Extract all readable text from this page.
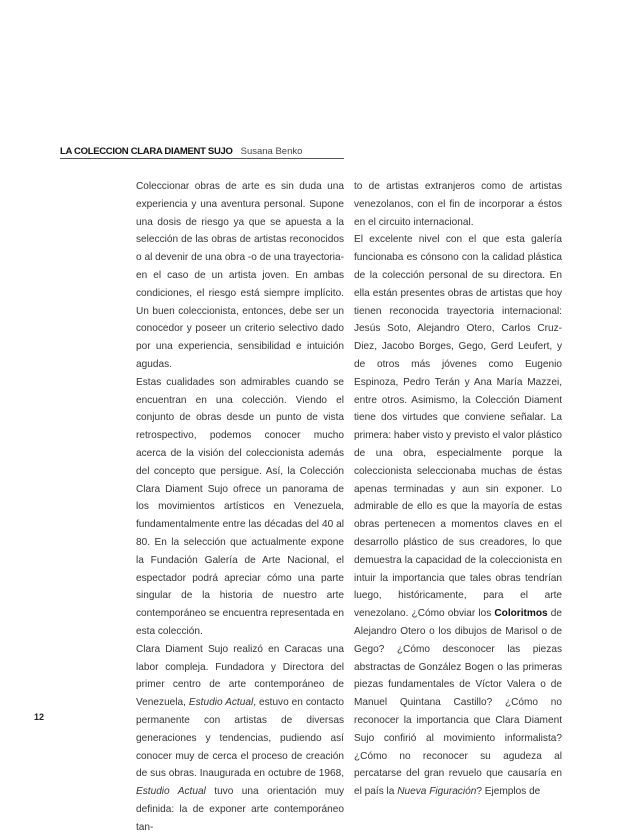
LA COLECCION CLARA DIAMENT SUJO Susana Benko

Coleccionar obras de arte es sin duda una experiencia y una aventura personal. Supone una dosis de riesgo ya que se apuesta a la selección de las obras de artistas reconocidos o al devenir de una obra -o de una trayectoria- en el caso de un artista joven. En ambas condiciones, el riesgo está siempre implícito. Un buen coleccionista, entonces, debe ser un conocedor y poseer un criterio selectivo dado por una experiencia, sensibilidad e intuición agudas.

Estas cualidades son admirables cuando se encuentran en una colección. Viendo el conjunto de obras desde un punto de vista retrospectivo, podemos conocer mucho acerca de la visión del coleccionista además del concepto que persigue. Así, la Colección Clara Diament Sujo ofrece un panorama de los movimientos artísticos en Venezuela, fundamentalmente entre las décadas del 40 al 80. En la selección que actualmente expone la Fundación Galería de Arte Nacional, el espectador podrá apreciar cómo una parte singular de la historia de nuestro arte contemporáneo se encuentra representada en esta colección.

Clara Diament Sujo realizó en Caracas una labor compleja. Fundadora y Directora del primer centro de arte contemporáneo de Venezuela, Estudio Actual, estuvo en contacto permanente con artistas de diversas generaciones y tendencias, pudiendo así conocer muy de cerca el proceso de creación de sus obras. Inaugurada en octubre de 1968, Estudio Actual tuvo una orientación muy definida: la de exponer arte contemporáneo tan-

to de artistas extranjeros como de artistas venezolanos, con el fin de incorporar a éstos en el circuito internacional.

El excelente nivel con el que esta galería funcionaba es cónsono con la calidad plástica de la colección personal de su directora. En ella están presentes obras de artistas que hoy tienen reconocida trayectoria internacional: Jesús Soto, Alejandro Otero, Carlos Cruz-Diez, Jacobo Borges, Gego, Gerd Leufert, y de otros más jóvenes como Eugenio Espinoza, Pedro Terán y Ana María Mazzei, entre otros. Asimismo, la Colección Diament tiene dos virtudes que conviene señalar. La primera: haber visto y previsto el valor plástico de una obra, especialmente porque la coleccionista seleccionaba muchas de éstas apenas terminadas y aun sin exponer. Lo admirable de ello es que la mayoría de estas obras pertenecen a momentos claves en el desarrollo plástico de sus creadores, lo que demuestra la capacidad de la coleccionista en intuir la importancia que tales obras tendrían luego, históricamente, para el arte venezolano. ¿Cómo obviar los Coloritmos de Alejandro Otero o los dibujos de Marisol o de Gego? ¿Cómo desconocer las piezas abstractas de González Bogen o las primeras piezas fundamentales de Víctor Valera o de Manuel Quintana Castillo? ¿Cómo no reconocer la importancia que Clara Diament Sujo confirió al movimiento informalista? ¿Cómo no reconocer su agudeza al percatarse del gran revuelo que causaría en el país la Nueva Figuración? Ejemplos de

12
